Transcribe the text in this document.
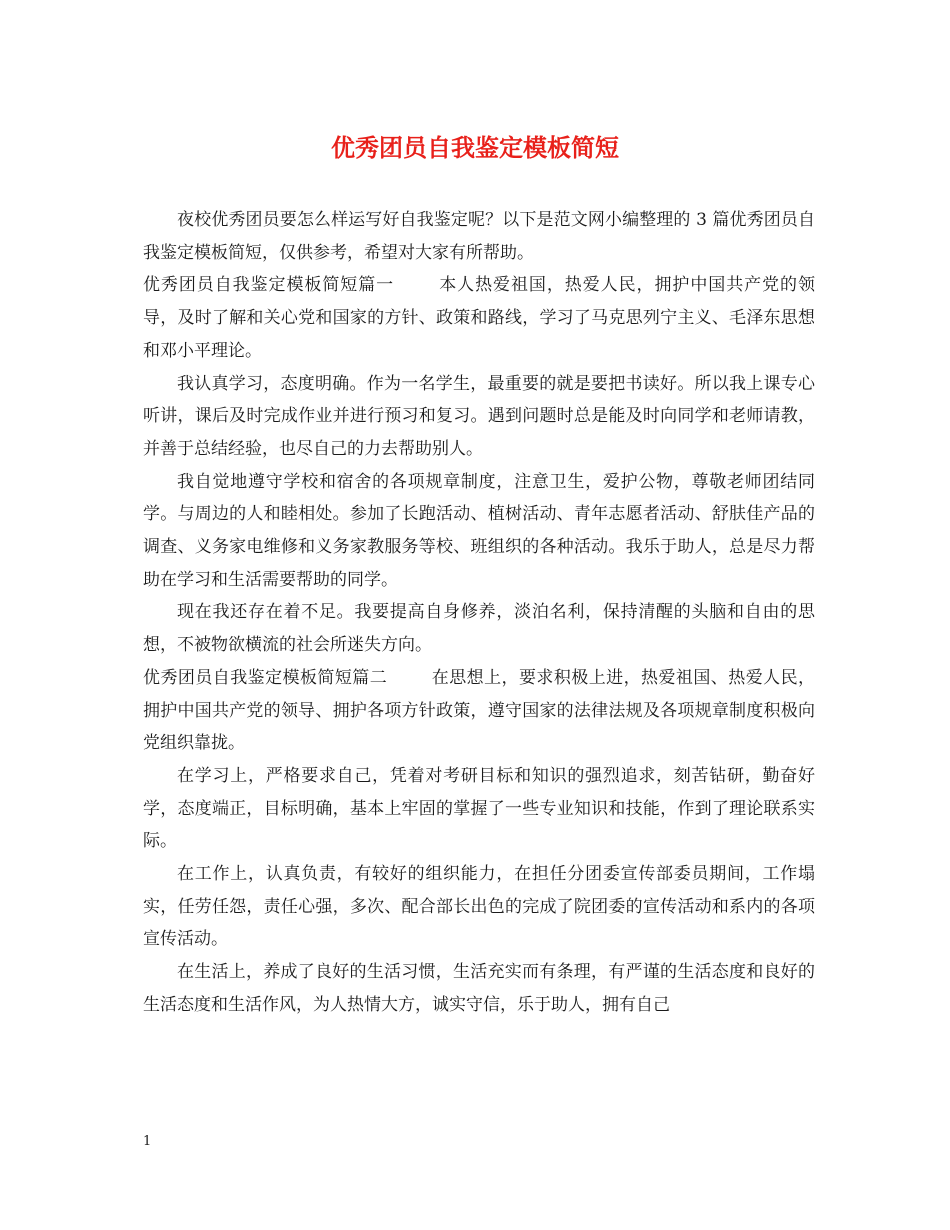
优秀团员自我鉴定模板简短

夜校优秀团员要怎么样运写好自我鉴定呢？以下是范文网小编整理的 3 篇优秀团员自我鉴定模板简短，仅供参考，希望对大家有所帮助。

优秀团员自我鉴定模板简短篇一	本人热爱祖国，热爱人民，拥护中国共产党的领导，及时了解和关心党和国家的方针、政策和路线，学习了马克思列宁主义、毛泽东思想和邓小平理论。

我认真学习，态度明确。作为一名学生，最重要的就是要把书读好。所以我上课专心听讲，课后及时完成作业并进行预习和复习。遇到问题时总是能及时向同学和老师请教，并善于总结经验，也尽自己的力去帮助别人。

我自觉地遵守学校和宿舍的各项规章制度，注意卫生，爱护公物，尊敬老师团结同学。与周边的人和睦相处。参加了长跑活动、植树活动、青年志愿者活动、舒肤佳产品的调查、义务家电维修和义务家教服务等校、班组织的各种活动。我乐于助人，总是尽力帮助在学习和生活需要帮助的同学。

现在我还存在着不足。我要提高自身修养，淡泊名利，保持清醒的头脑和自由的思想，不被物欲横流的社会所迷失方向。

优秀团员自我鉴定模板简短篇二	在思想上，要求积极上进，热爱祖国、热爱人民，拥护中国共产党的领导、拥护各项方针政策，遵守国家的法律法规及各项规章制度积极向党组织靠拢。

在学习上，严格要求自己，凭着对考研目标和知识的强烈追求，刻苦钻研，勤奋好学，态度端正，目标明确，基本上牢固的掌握了一些专业知识和技能，作到了理论联系实际。

在工作上，认真负责，有较好的组织能力，在担任分团委宣传部委员期间，工作塌实，任劳任怨，责任心强，多次、配合部长出色的完成了院团委的宣传活动和系内的各项宣传活动。

在生活上，养成了良好的生活习惯，生活充实而有条理，有严谨的生活态度和良好的生活态度和生活作风，为人热情大方，诚实守信，乐于助人，拥有自己

1
